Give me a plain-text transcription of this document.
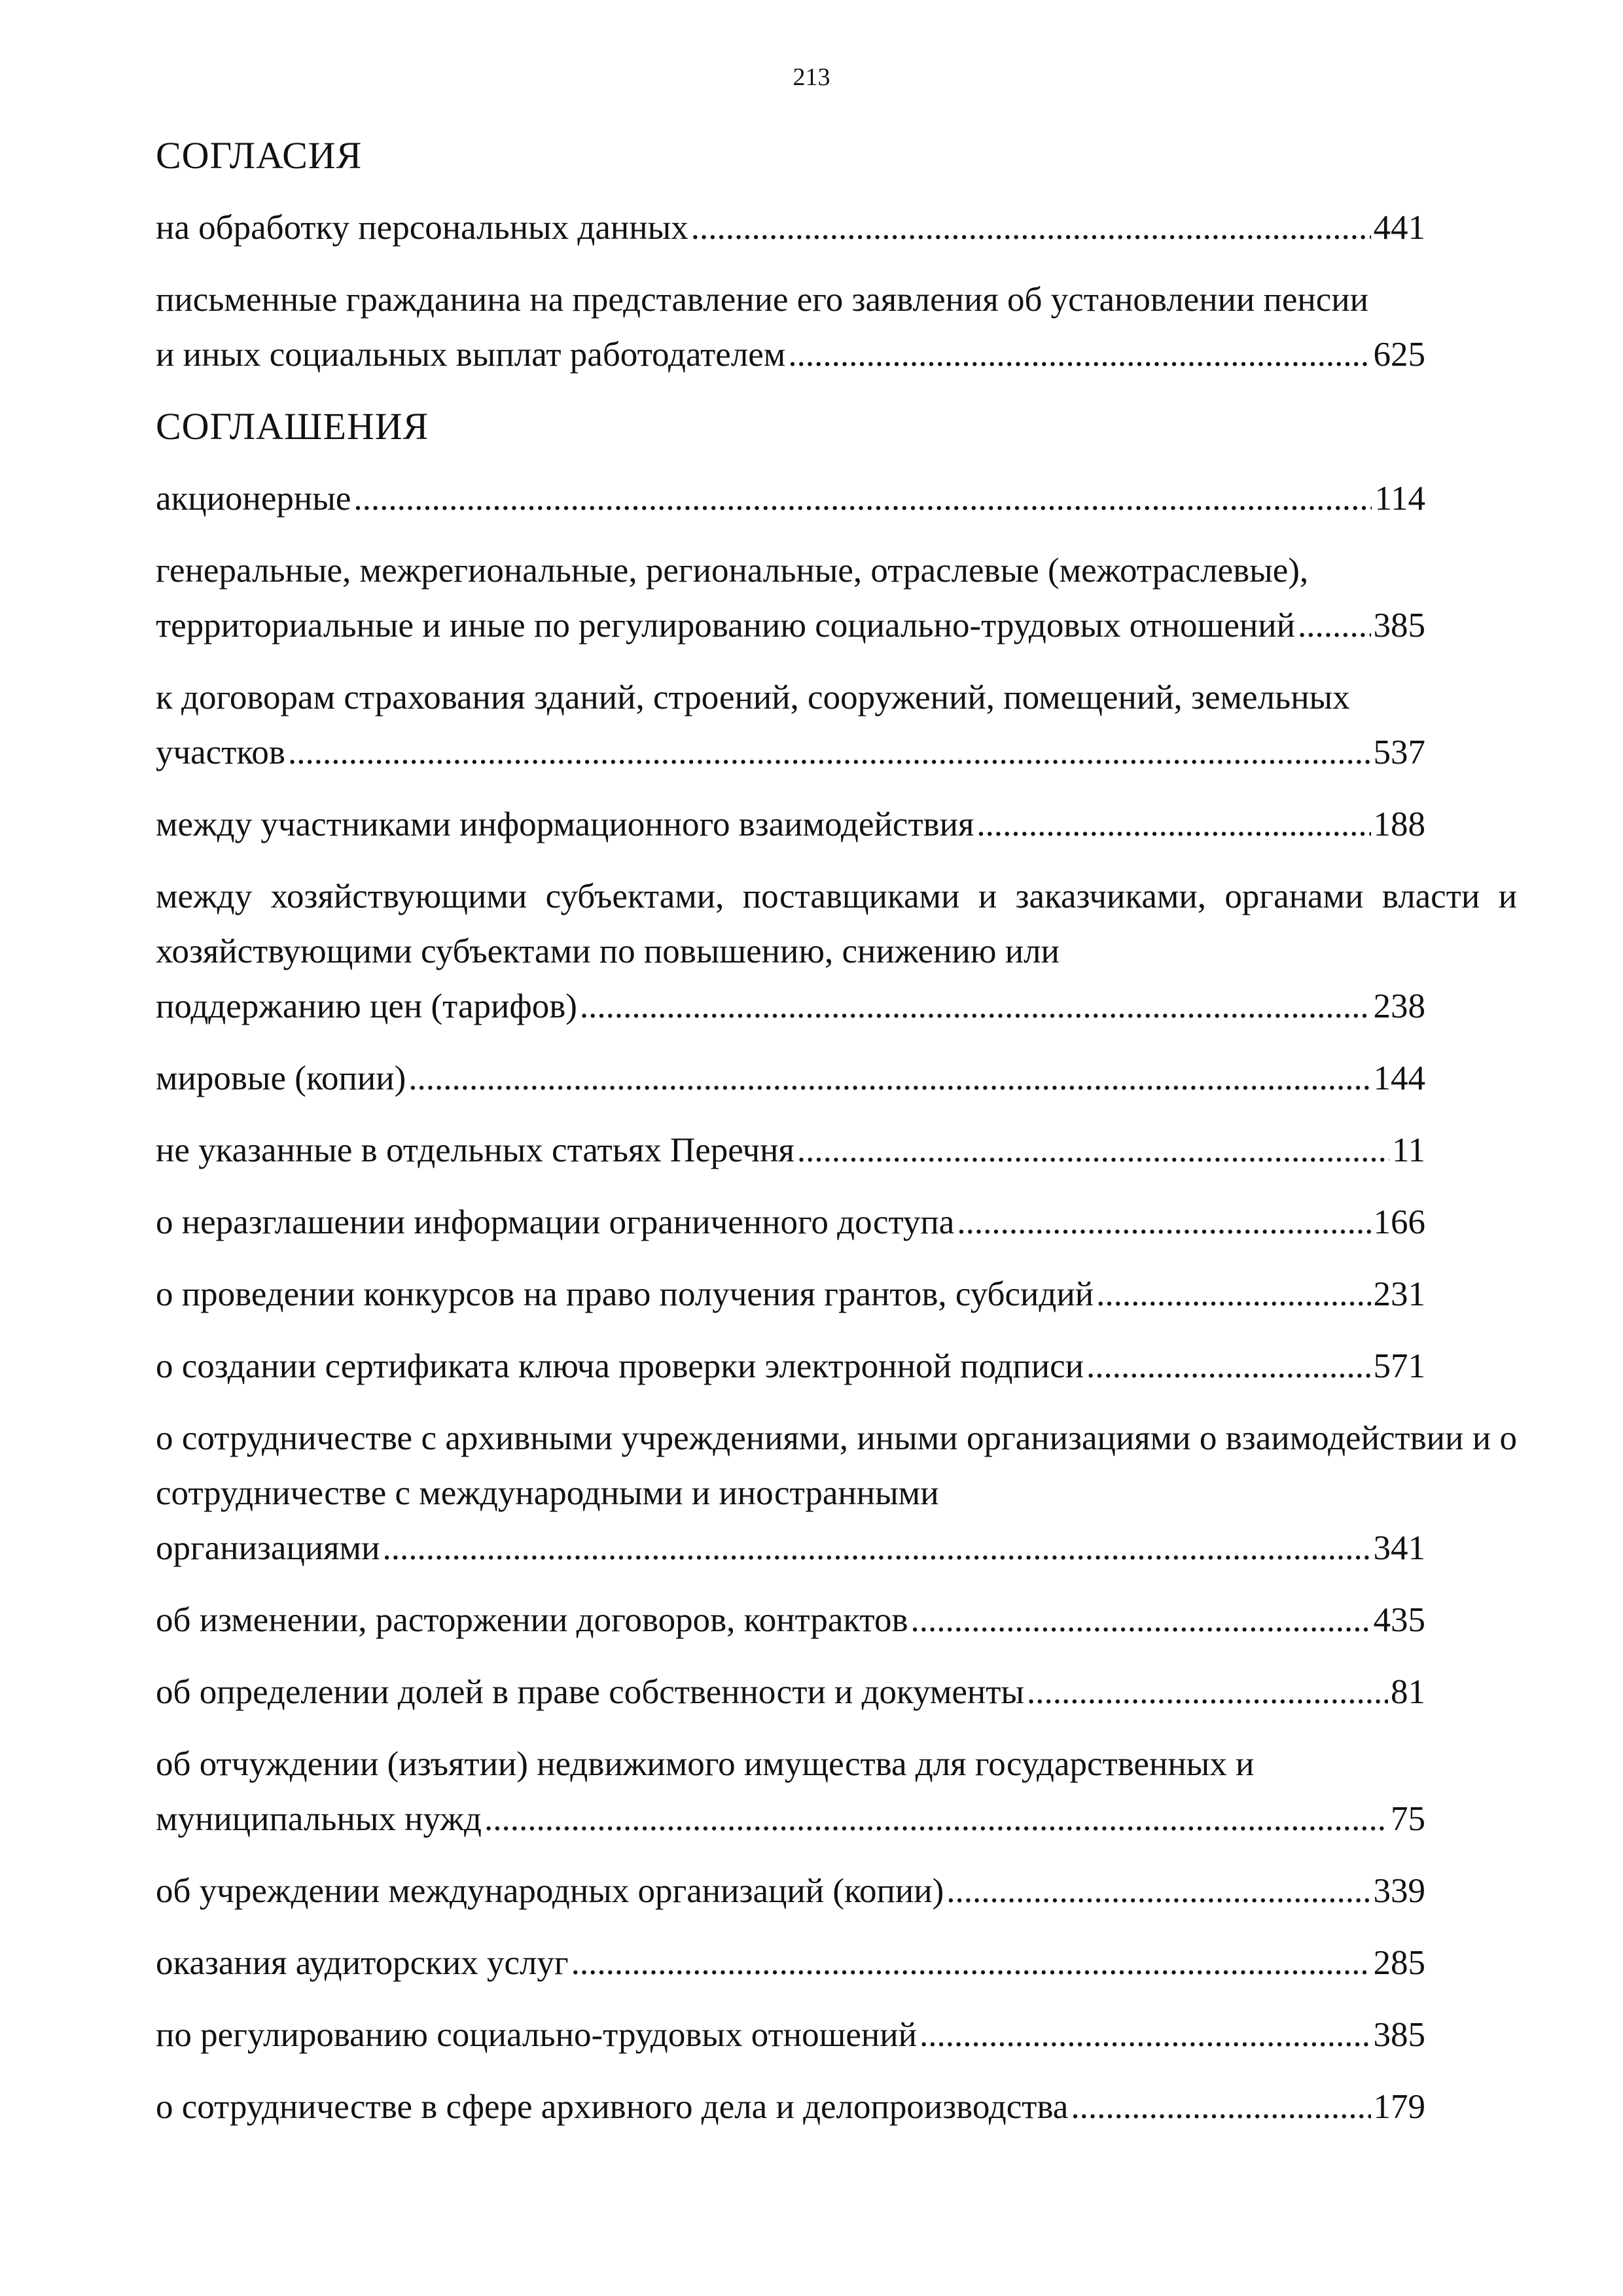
213
СОГЛАСИЯ
на обработку персональных данных .....	441
письменные гражданина на представление его заявления об установлении пенсии
и иных социальных выплат работодателем .....	625
СОГЛАШЕНИЯ
акционерные .....	114
генеральные, межрегиональные, региональные, отраслевые (межотраслевые),
территориальные и иные по регулированию социально-трудовых отношений ..... 385
к договорам страхования зданий, строений, сооружений, помещений, земельных
участков .....	537
между участниками информационного взаимодействия .....	188
между хозяйствующими субъектами, поставщиками и заказчиками, органами власти и хозяйствующими субъектами по повышению, снижению или
поддержанию цен (тарифов) .....	238
мировые (копии) .....	144
не указанные в отдельных статьях Перечня .....	11
о неразглашении информации ограниченного доступа .....	166
о проведении конкурсов на право получения грантов, субсидий .....	231
о создании сертификата ключа проверки электронной подписи .....	571
о сотрудничестве с архивными учреждениями, иными организациями о взаимодействии и о сотрудничестве с международными и иностранными
организациями .....	341
об изменении, расторжении договоров, контрактов .....	435
об определении долей в праве собственности и документы .....	81
об отчуждении (изъятии) недвижимого имущества для государственных и
муниципальных нужд .....	75
об учреждении международных организаций (копии) .....	339
оказания аудиторских услуг .....	285
по регулированию социально-трудовых отношений .....	385
о сотрудничестве в сфере архивного дела и делопроизводства .....	179
